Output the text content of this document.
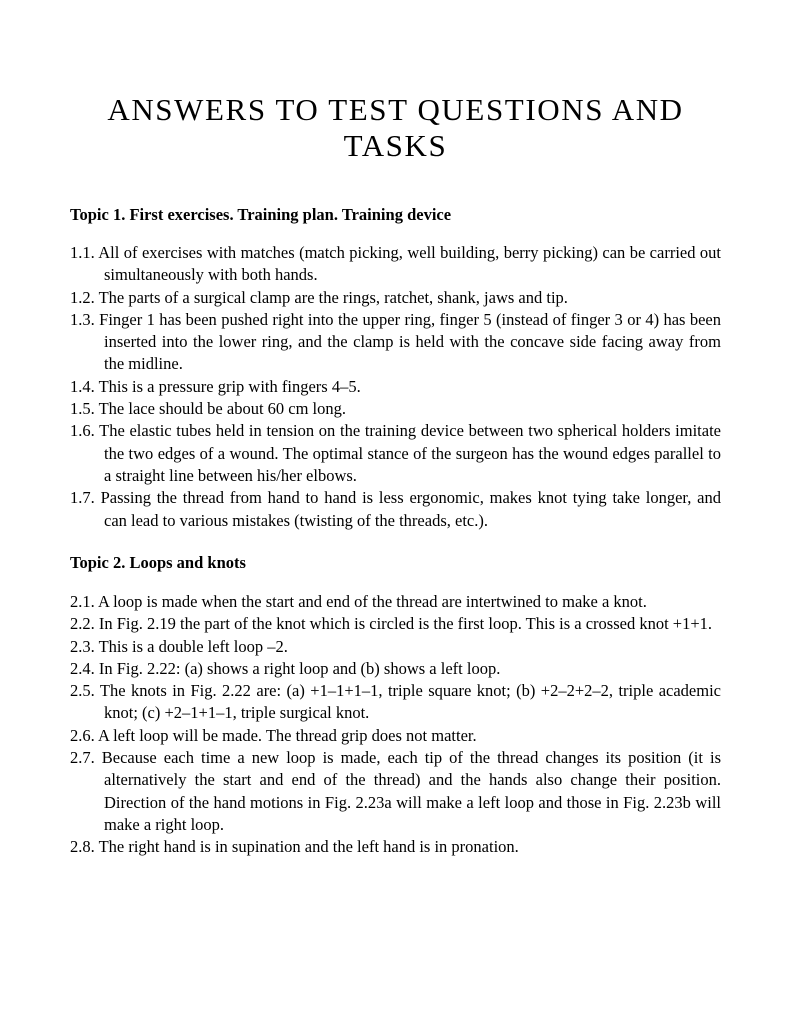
ANSWERS TO TEST QUESTIONS AND
TASKS
Topic 1. First exercises. Training plan. Training device
1.1. All of exercises with matches (match picking, well building, berry picking) can be carried out simultaneously with both hands.
1.2. The parts of a surgical clamp are the rings, ratchet, shank, jaws and tip.
1.3. Finger 1 has been pushed right into the upper ring, finger 5 (instead of finger 3 or 4) has been inserted into the lower ring, and the clamp is held with the concave side facing away from the midline.
1.4. This is a pressure grip with fingers 4–5.
1.5. The lace should be about 60 cm long.
1.6. The elastic tubes held in tension on the training device between two spherical holders imitate the two edges of a wound. The optimal stance of the surgeon has the wound edges parallel to a straight line between his/her elbows.
1.7. Passing the thread from hand to hand is less ergonomic, makes knot tying take longer, and can lead to various mistakes (twisting of the threads, etc.).
Topic 2. Loops and knots
2.1. A loop is made when the start and end of the thread are intertwined to make a knot.
2.2. In Fig. 2.19 the part of the knot which is circled is the first loop. This is a crossed knot +1+1.
2.3. This is a double left loop –2.
2.4. In Fig. 2.22: (a) shows a right loop and (b) shows a left loop.
2.5. The knots in Fig. 2.22 are: (a) +1–1+1–1, triple square knot; (b) +2–2+2–2, triple academic knot; (c) +2–1+1–1, triple surgical knot.
2.6. A left loop will be made. The thread grip does not matter.
2.7. Because each time a new loop is made, each tip of the thread changes its position (it is alternatively the start and end of the thread) and the hands also change their position. Direction of the hand motions in Fig. 2.23a will make a left loop and those in Fig. 2.23b will make a right loop.
2.8. The right hand is in supination and the left hand is in pronation.
